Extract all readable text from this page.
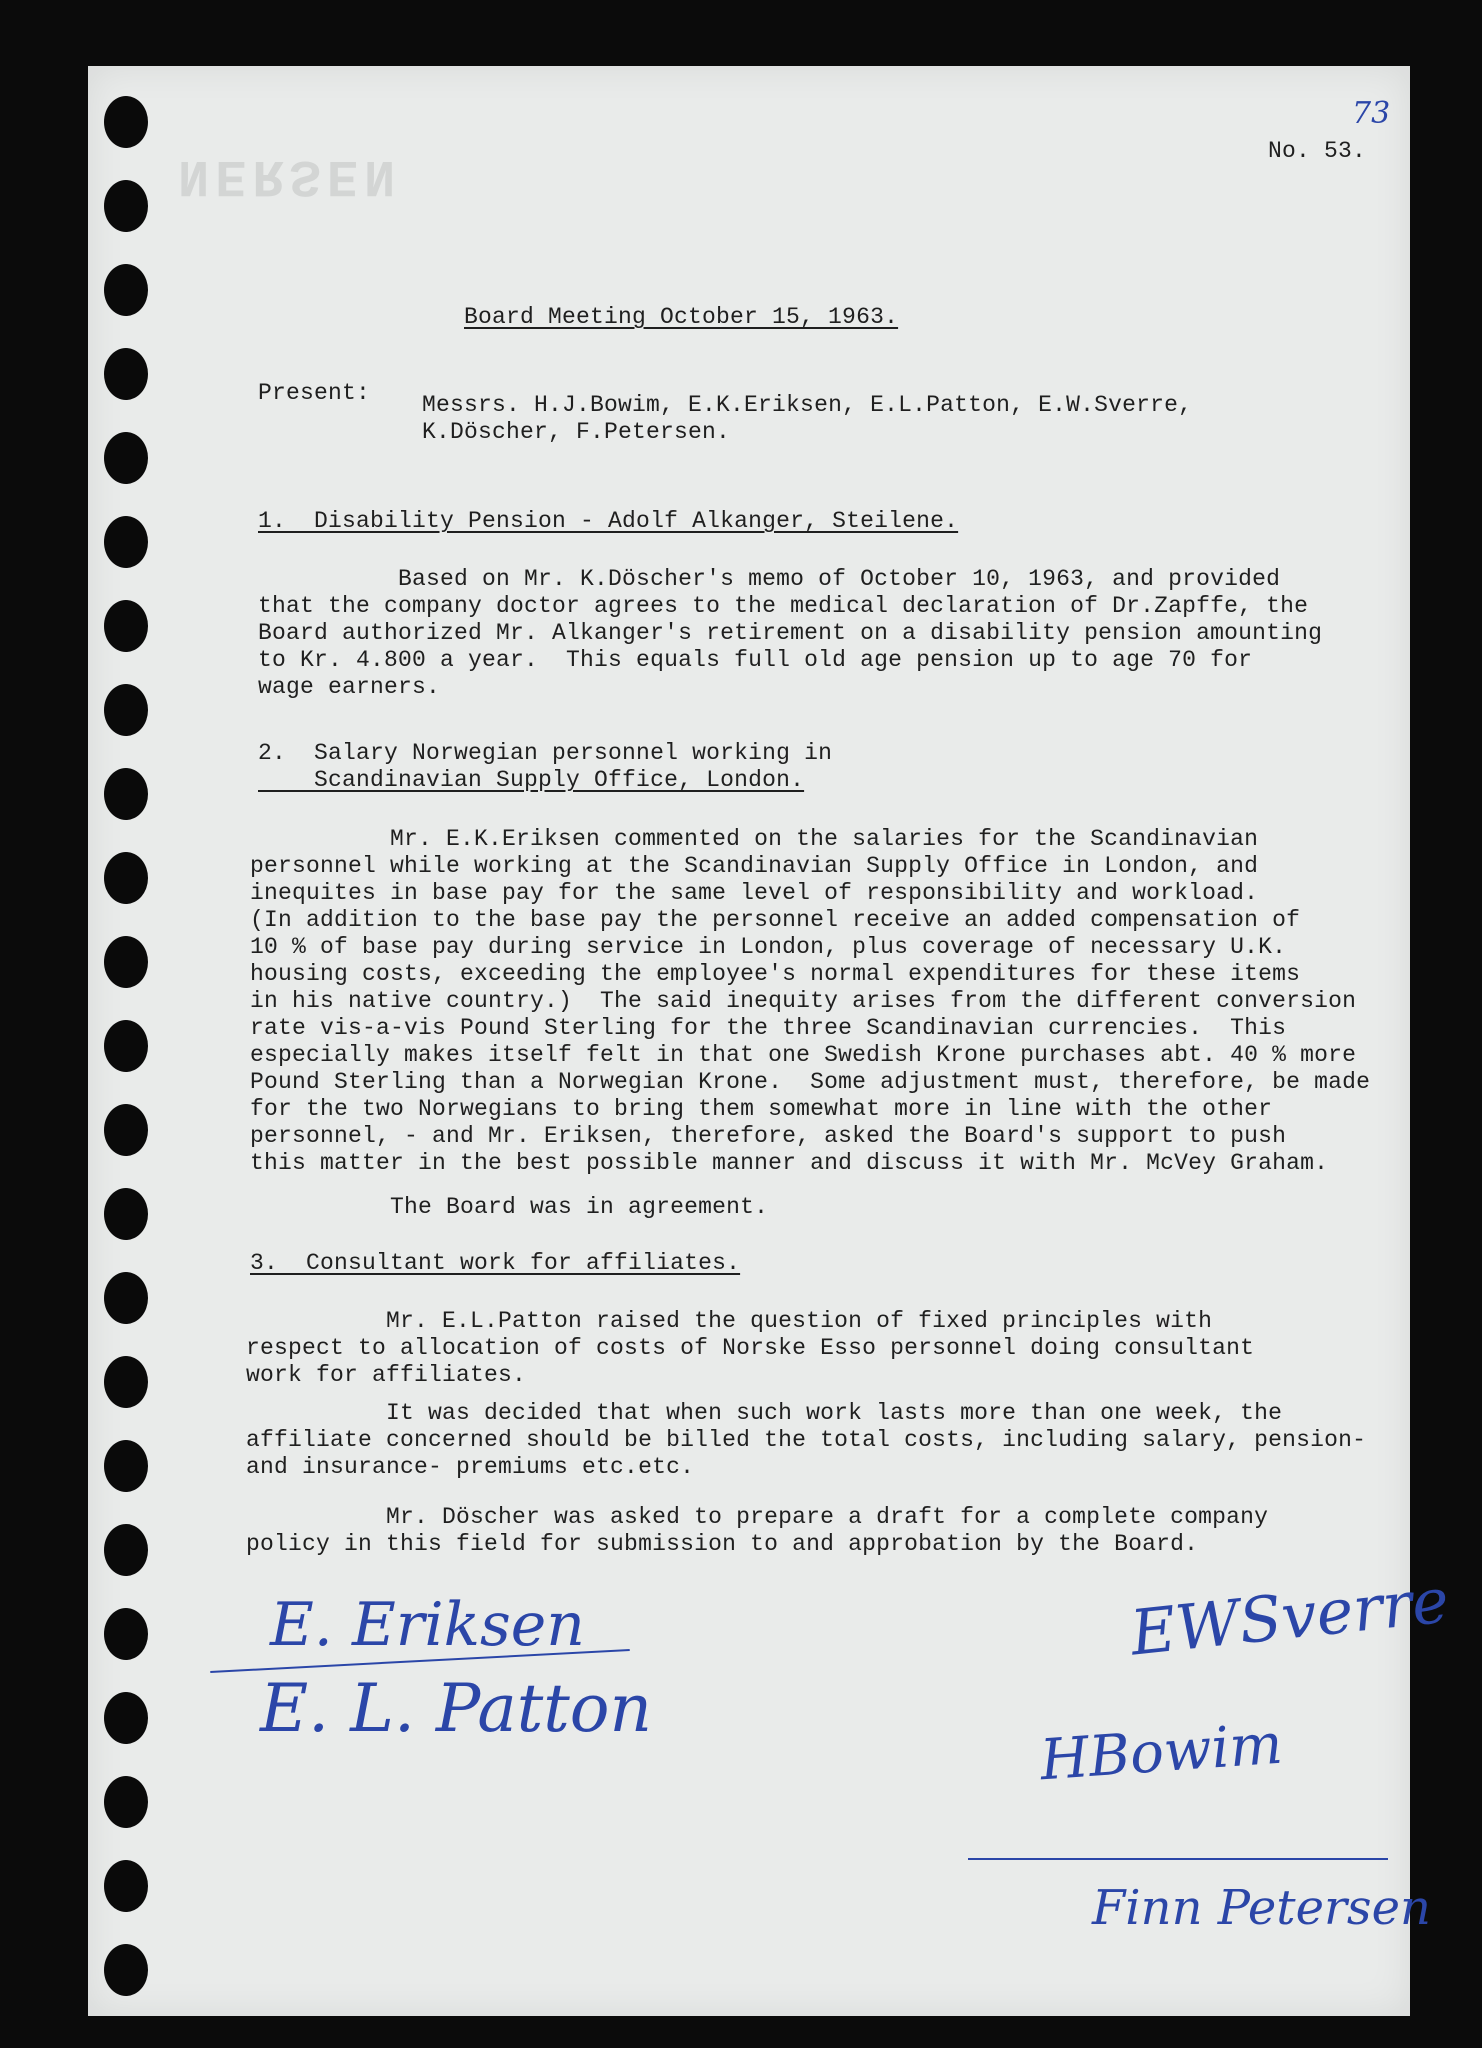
NERSEN
73
No. 53.
Board Meeting October 15, 1963.
Present: Messrs. H.J.Bowim, E.K.Eriksen, E.L.Patton, E.W.Sverre,
K.Döscher, F.Petersen.
1.  Disability Pension - Adolf Alkanger, Steilene.
Based on Mr. K.Döscher's memo of October 10, 1963, and provided
that the company doctor agrees to the medical declaration of Dr.Zapffe, the
Board authorized Mr. Alkanger's retirement on a disability pension amounting
to Kr. 4.800 a year.  This equals full old age pension up to age 70 for
wage earners.
2.  Salary Norwegian personnel working in
Scandinavian Supply Office, London.
Mr. E.K.Eriksen commented on the salaries for the Scandinavian
personnel while working at the Scandinavian Supply Office in London, and
inequites in base pay for the same level of responsibility and workload.
(In addition to the base pay the personnel receive an added compensation of
10 % of base pay during service in London, plus coverage of necessary U.K.
housing costs, exceeding the employee's normal expenditures for these items
in his native country.)  The said inequity arises from the different conversion
rate vis-a-vis Pound Sterling for the three Scandinavian currencies.  This
especially makes itself felt in that one Swedish Krone purchases abt. 40 % more
Pound Sterling than a Norwegian Krone.  Some adjustment must, therefore, be made
for the two Norwegians to bring them somewhat more in line with the other
personnel, - and Mr. Eriksen, therefore, asked the Board's support to push
this matter in the best possible manner and discuss it with Mr. McVey Graham.
The Board was in agreement.
3.  Consultant work for affiliates.
Mr. E.L.Patton raised the question of fixed principles with
respect to allocation of costs of Norske Esso personnel doing consultant
work for affiliates.
It was decided that when such work lasts more than one week, the
affiliate concerned should be billed the total costs, including salary, pension-
and insurance- premiums etc.etc.
Mr. Döscher was asked to prepare a draft for a complete company
policy in this field for submission to and approbation by the Board.
E. Eriksen
E. L. Patton
EWSverre
HBowim
Finn Petersen
